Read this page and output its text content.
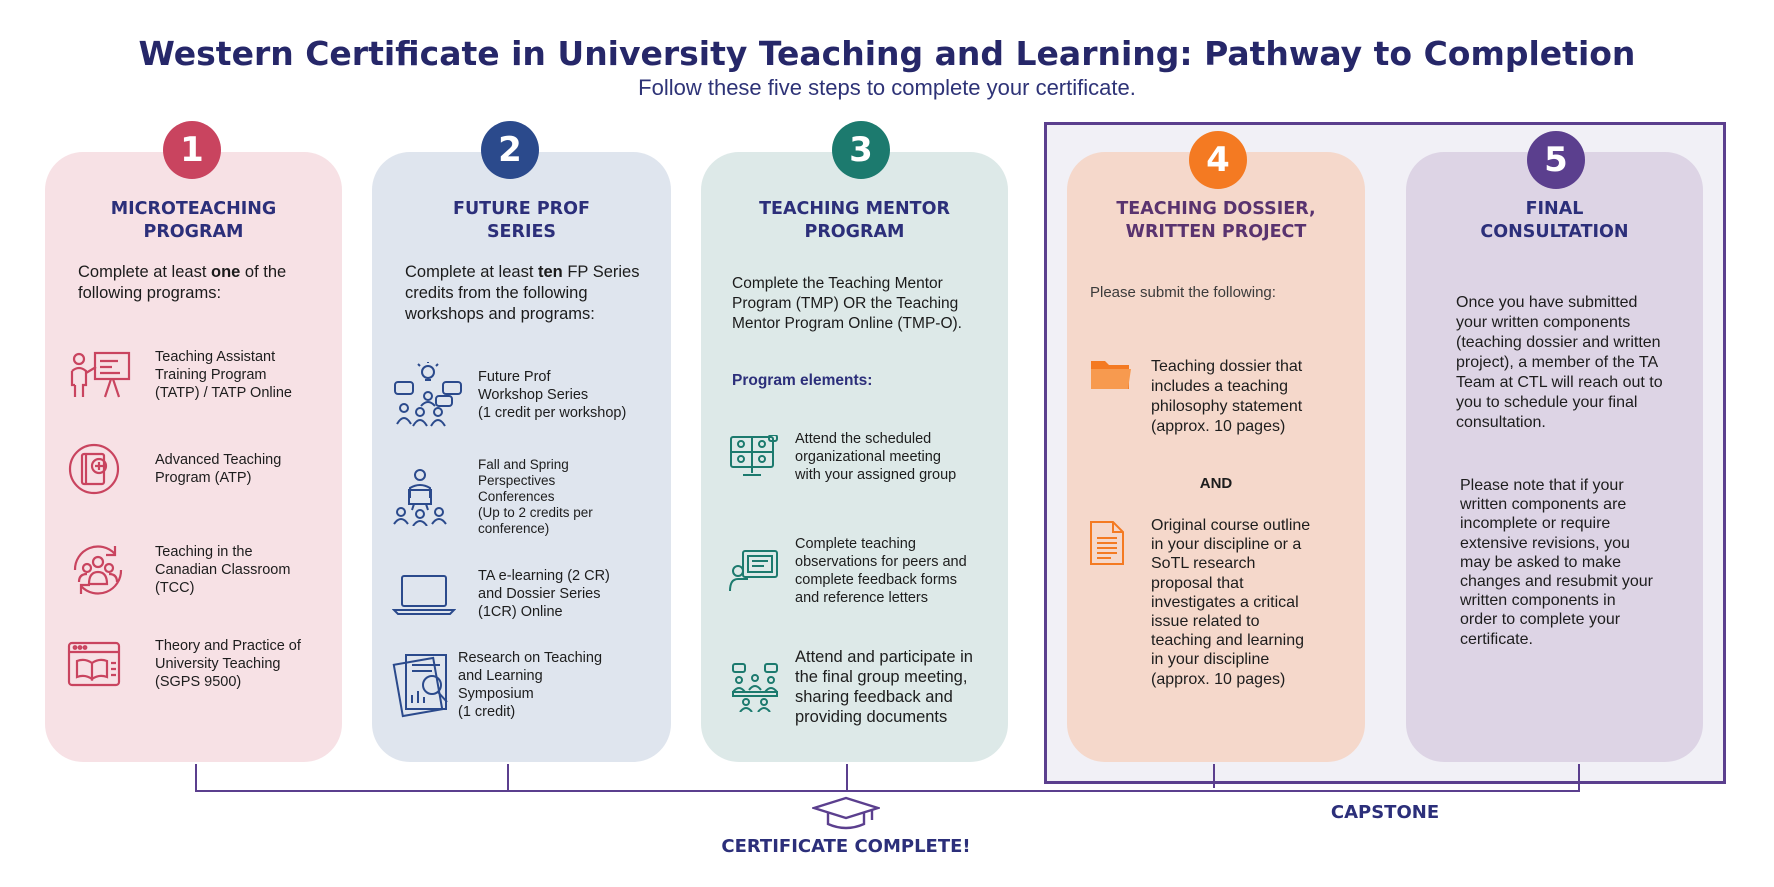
Western Certificate in University Teaching and Learning: Pathway to Completion
Follow these five steps to complete your certificate.
MICROTEACHING
PROGRAM
Complete at least one of the following programs:
Teaching Assistant
Training Program
(TATP) / TATP Online
Advanced Teaching
Program (ATP)
Teaching in the
Canadian Classroom
(TCC)
Theory and Practice of
University Teaching
(SGPS 9500)
1
FUTURE PROF
SERIES
Complete at least ten FP Series credits from the following workshops and programs:
Future Prof
Workshop Series
(1 credit per workshop)
Fall and Spring
Perspectives
Conferences
(Up to 2 credits per
conference)
TA e-learning (2 CR)
and Dossier Series
(1CR) Online
Research on Teaching
and Learning
Symposium
(1 credit)
2
TEACHING MENTOR
PROGRAM
Complete the Teaching Mentor Program (TMP) OR the Teaching Mentor Program Online (TMP-O).
Program elements:
Attend the scheduled
organizational meeting
with your assigned group
Complete teaching
observations for peers and
complete feedback forms
and reference letters
Attend and participate in
the final group meeting,
sharing feedback and
providing documents
3
TEACHING DOSSIER,
WRITTEN PROJECT
Please submit the following:
Teaching dossier that
includes a teaching
philosophy statement
(approx. 10 pages)
AND
Original course outline
in your discipline or a
SoTL research
proposal that
investigates a critical
issue related to
teaching and learning
in your discipline
(approx. 10 pages)
4
FINAL
CONSULTATION
Once you have submitted
your written components
(teaching dossier and written
project), a member of the TA
Team at CTL will reach out to
you to schedule your final
consultation.
Please note that if your
written components are
incomplete or require
extensive revisions, you
may be asked to make
changes and resubmit your
written components in
order to complete your
certificate.
5
CAPSTONE
CERTIFICATE COMPLETE!
